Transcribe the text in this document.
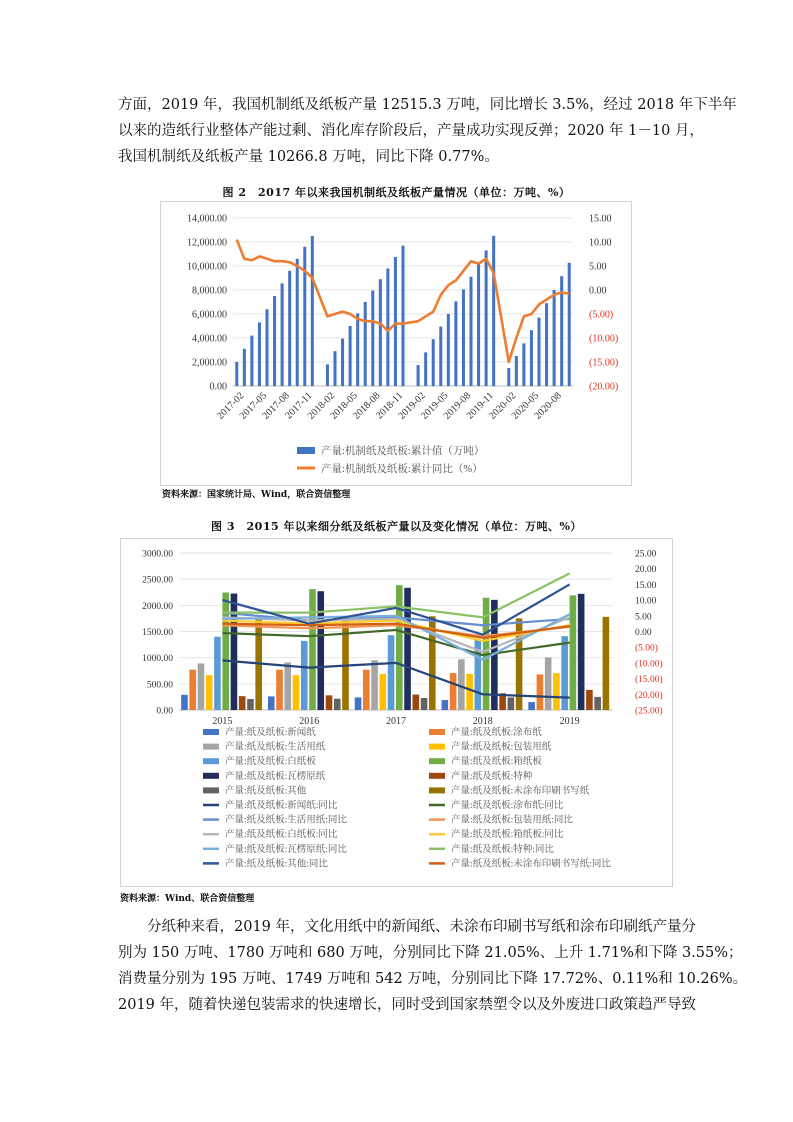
方面，2019 年，我国机制纸及纸板产量 12515.3 万吨，同比增长 3.5%，经过 2018 年下半年
以来的造纸行业整体产能过剩、消化库存阶段后，产量成功实现反弹；2020 年 1－10 月，
我国机制纸及纸板产量 10266.8 万吨，同比下降 0.77%。
图 2　2017 年以来我国机制纸及纸板产量情况（单位：万吨、%）
14,000.00
12,000.00
10,000.00
8,000.00
6,000.00
4,000.00
2,000.00
0.00
15.00
10.00
5.00
0.00
(5.00)
(10.00)
(15.00)
(20.00)
2017-02
2017-05
2017-08
2017-11
2018-02
2018-05
2018-08
2018-11
2019-02
2019-05
2019-08
2019-11
2020-02
2020-05
2020-08
产量:机制纸及纸板:累计值（万吨）
产量:机制纸及纸板:累计同比（%）
资料来源：国家统计局、Wind，联合资信整理
图 3　2015 年以来细分纸及纸板产量以及变化情况（单位：万吨、%）
3000.00
2500.00
2000.00
1500.00
1000.00
500.00
0.00
25.00
20.00
15.00
10.00
5.00
0.00
(5.00)
(10.00)
(15.00)
(20.00)
(25.00)
2015	2016	2017	2018	2019
产量:纸及纸板:新闻纸	产量:纸及纸板:涂布纸
产量:纸及纸板:生活用纸	产量:纸及纸板:包装用纸
产量:纸及纸板:白纸板	产量:纸及纸板:箱纸板
产量:纸及纸板:瓦楞原纸	产量:纸及纸板:特种
产量:纸及纸板:其他	产量:纸及纸板:未涂布印刷书写纸
产量:纸及纸板:新闻纸:同比	产量:纸及纸板:涂布纸:同比
产量:纸及纸板:生活用纸:同比	产量:纸及纸板:包装用纸:同比
产量:纸及纸板:白纸板:同比	产量:纸及纸板:箱纸板:同比
产量:纸及纸板:瓦楞原纸:同比	产量:纸及纸板:特种:同比
产量:纸及纸板:其他:同比	产量:纸及纸板:未涂布印刷书写纸:同比
资料来源：Wind、联合资信整理
　　分纸种来看，2019 年，文化用纸中的新闻纸、未涂布印刷书写纸和涂布印刷纸产量分
别为 150 万吨、1780 万吨和 680 万吨，分别同比下降 21.05%、上升 1.71%和下降 3.55%；
消费量分别为 195 万吨、1749 万吨和 542 万吨，分别同比下降 17.72%、0.11%和 10.26%。
2019 年，随着快递包装需求的快速增长，同时受到国家禁塑令以及外废进口政策趋严导致
